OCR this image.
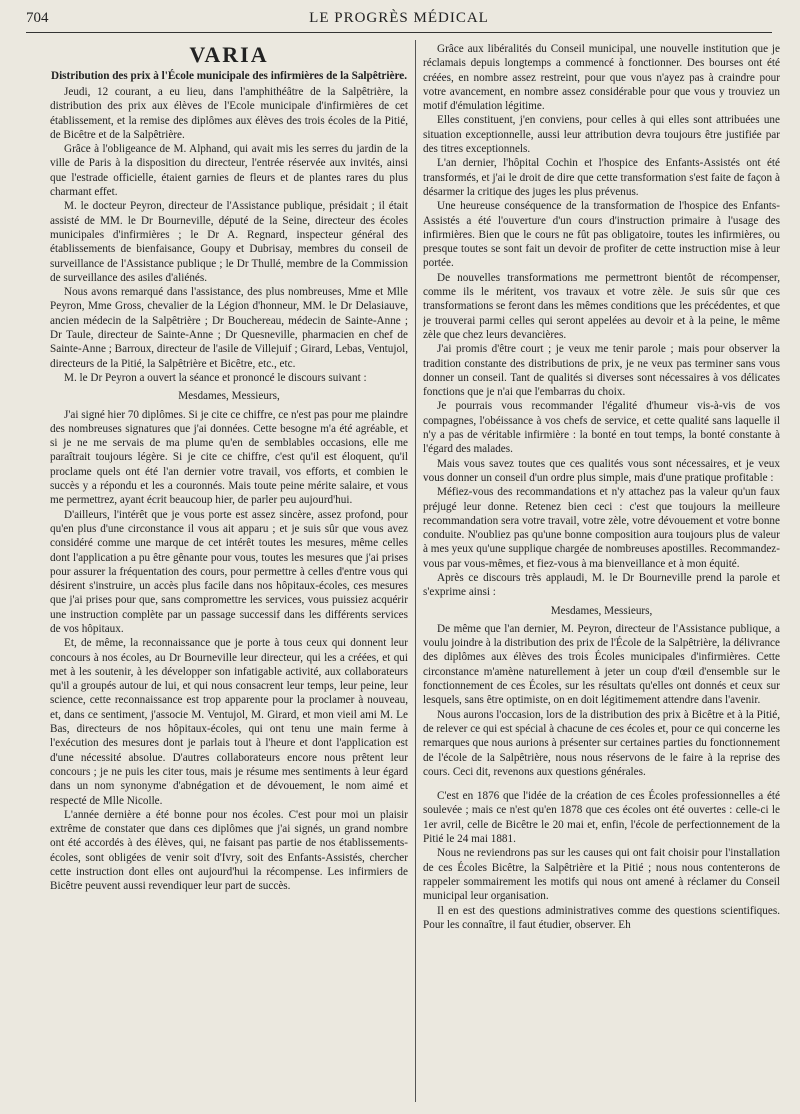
704	LE PROGRÈS MÉDICAL
VARIA
Distribution des prix à l'École municipale des infirmières de la Salpêtrière.

Jeudi, 12 courant, a eu lieu, dans l'amphithéâtre de la Salpêtrière, la distribution des prix aux élèves de l'Ecole municipale d'infirmières de cet établissement, et la remise des diplômes aux élèves des trois écoles de la Pitié, de Bicêtre et de la Salpêtrière.

Grâce à l'obligeance de M. Alphand, qui avait mis les serres du jardin de la ville de Paris à la disposition du directeur, l'entrée réservée aux invités, ainsi que l'estrade officielle, étaient garnies de fleurs et de plantes rares du plus charmant effet.

M. le docteur Peyron, directeur de l'Assistance publique, présidait ; il était assisté de MM. le Dr Bourneville, député de la Seine, directeur des écoles municipales d'infirmières ; le Dr A. Regnard, inspecteur général des établissements de bienfaisance, Goupy et Dubrisay, membres du conseil de surveillance de l'Assistance publique ; le Dr Thullé, membre de la Commission de surveillance des asiles d'aliénés.

Nous avons remarqué dans l'assistance, des plus nombreuses, Mme et Mlle Peyron, Mme Gross, chevalier de la Légion d'honneur, MM. le Dr Delasiauve, ancien médecin de la Salpêtrière ; Dr Bouchereau, médecin de Sainte-Anne ; Dr Taule, directeur de Sainte-Anne ; Dr Quesneville, pharmacien en chef de Sainte-Anne ; Barroux, directeur de l'asile de Villejuif ; Girard, Lebas, Ventujol, directeurs de la Pitié, la Salpêtrière et Bicêtre, etc., etc.

M. le Dr Peyron a ouvert la séance et prononcé le discours suivant :

Mesdames, Messieurs,

J'ai signé hier 70 diplômes. Si je cite ce chiffre, ce n'est pas pour me plaindre des nombreuses signatures que j'ai données. Cette besogne m'a été agréable, et si je ne me servais de ma plume qu'en de semblables occasions, elle me paraîtrait toujours légère. Si je cite ce chiffre, c'est qu'il est éloquent, qu'il proclame quels ont été l'an dernier votre travail, vos efforts, et combien le succès y a répondu et les a couronnés. Mais toute peine mérite salaire, et vous me permettrez, ayant écrit beaucoup hier, de parler peu aujourd'hui.

D'ailleurs, l'intérêt que je vous porte est assez sincère, assez profond, pour qu'en plus d'une circonstance il vous ait apparu ; et je suis sûr que vous avez considéré comme une marque de cet intérêt toutes les mesures, même celles dont l'application a pu être gênante pour vous, toutes les mesures que j'ai prises pour assurer la fréquentation des cours, pour permettre à celles d'entre vous qui désirent s'instruire, un accès plus facile dans nos hôpitaux-écoles, ces mesures que j'ai prises pour que, sans compromettre les services, vous puissiez acquérir une instruction complète par un passage successif dans les différents services de vos hôpitaux.

Et, de même, la reconnaissance que je porte à tous ceux qui donnent leur concours à nos écoles, au Dr Bourneville leur directeur, qui les a créées, et qui met à les soutenir, à les développer son infatigable activité, aux collaborateurs qu'il a groupés autour de lui, et qui nous consacrent leur temps, leur peine, leur science, cette reconnaissance est trop apparente pour la proclamer à nouveau, et, dans ce sentiment, j'associe M. Ventujol, M. Girard, et mon vieil ami M. Le Bas, directeurs de nos hôpitaux-écoles, qui ont tenu une main ferme à l'exécution des mesures dont je parlais tout à l'heure et dont l'application est d'une nécessité absolue. D'autres collaborateurs encore nous prêtent leur concours ; je ne puis les citer tous, mais je résume mes sentiments à leur égard dans un nom synonyme d'abnégation et de dévouement, le nom aimé et respecté de Mlle Nicolle.

L'année dernière a été bonne pour nos écoles. C'est pour moi un plaisir extrême de constater que dans ces diplômes que j'ai signés, un grand nombre ont été accordés à des élèves, qui, ne faisant pas partie de nos établissements-écoles, sont obligées de venir soit d'Ivry, soit des Enfants-Assistés, chercher cette instruction dont elles ont aujourd'hui la récompense. Les infirmiers de Bicêtre peuvent aussi revendiquer leur part de succès.

Grâce aux libéralités du Conseil municipal, une nouvelle institution que je réclamais depuis longtemps a commencé à fonctionner. Des bourses ont été créées, en nombre assez restreint, pour que vous n'ayez pas à craindre pour votre avancement, en nombre assez considérable pour que vous y trouviez un motif d'émulation légitime.

Elles constituent, j'en conviens, pour celles à qui elles sont attribuées une situation exceptionnelle, aussi leur attribution devra toujours être justifiée par des titres exceptionnels.

L'an dernier, l'hôpital Cochin et l'hospice des Enfants-Assistés ont été transformés, et j'ai le droit de dire que cette transformation s'est faite de façon à désarmer la critique des juges les plus prévenus.

Une heureuse conséquence de la transformation de l'hospice des Enfants-Assistés a été l'ouverture d'un cours d'instruction primaire à l'usage des infirmières. Bien que le cours ne fût pas obligatoire, toutes les infirmières, ou presque toutes se sont fait un devoir de profiter de cette instruction mise à leur portée.

De nouvelles transformations me permettront bientôt de récompenser, comme ils le méritent, vos travaux et votre zèle. Je suis sûr que ces transformations se feront dans les mêmes conditions que les précédentes, et que je trouverai parmi celles qui seront appelées au devoir et à la peine, le même zèle que chez leurs devancières.

J'ai promis d'être court ; je veux me tenir parole ; mais pour observer la tradition constante des distributions de prix, je ne veux pas terminer sans vous donner un conseil. Tant de qualités si diverses sont nécessaires à vos délicates fonctions que je n'ai que l'embarras du choix.

Je pourrais vous recommander l'égalité d'humeur vis-à-vis de vos compagnes, l'obéissance à vos chefs de service, et cette qualité sans laquelle il n'y a pas de véritable infirmière : la bonté en tout temps, la bonté constante à l'égard des malades.

Mais vous savez toutes que ces qualités vous sont nécessaires, et je veux vous donner un conseil d'un ordre plus simple, mais d'une pratique profitable :

Méfiez-vous des recommandations et n'y attachez pas la valeur qu'un faux préjugé leur donne. Retenez bien ceci : c'est que toujours la meilleure recommandation sera votre travail, votre zèle, votre dévouement et votre bonne conduite. N'oubliez pas qu'une bonne composition aura toujours plus de valeur à mes yeux qu'une supplique chargée de nombreuses apostilles. Recommandez-vous par vous-mêmes, et fiez-vous à ma bienveillance et à mon équité.

Après ce discours très applaudi, M. le Dr Bourneville prend la parole et s'exprime ainsi :

Mesdames, Messieurs,

De même que l'an dernier, M. Peyron, directeur de l'Assistance publique, a voulu joindre à la distribution des prix de l'École de la Salpêtrière, la délivrance des diplômes aux élèves des trois Écoles municipales d'infirmières. Cette circonstance m'amène naturellement à jeter un coup d'œil d'ensemble sur le fonctionnement de ces Écoles, sur les résultats qu'elles ont donnés et ceux sur lesquels, sans être optimiste, on en doit légitimement attendre dans l'avenir.

Nous aurons l'occasion, lors de la distribution des prix à Bicêtre et à la Pitié, de relever ce qui est spécial à chacune de ces écoles et, pour ce qui concerne les remarques que nous aurions à présenter sur certaines parties du fonctionnement de l'école de la Salpêtrière, nous nous réservons de le faire à la reprise des cours. Ceci dit, revenons aux questions générales.

C'est en 1876 que l'idée de la création de ces Écoles professionnelles a été soulevée ; mais ce n'est qu'en 1878 que ces écoles ont été ouvertes : celle-ci le 1er avril, celle de Bicêtre le 20 mai et, enfin, l'école de perfectionnement de la Pitié le 24 mai 1881.

Nous ne reviendrons pas sur les causes qui ont fait choisir pour l'installation de ces Écoles Bicêtre, la Salpêtrière et la Pitié ; nous nous contenterons de rappeler sommairement les motifs qui nous ont amené à réclamer du Conseil municipal leur organisation.

Il en est des questions administratives comme des questions scientifiques. Pour les connaître, il faut étudier, observer. Eh
